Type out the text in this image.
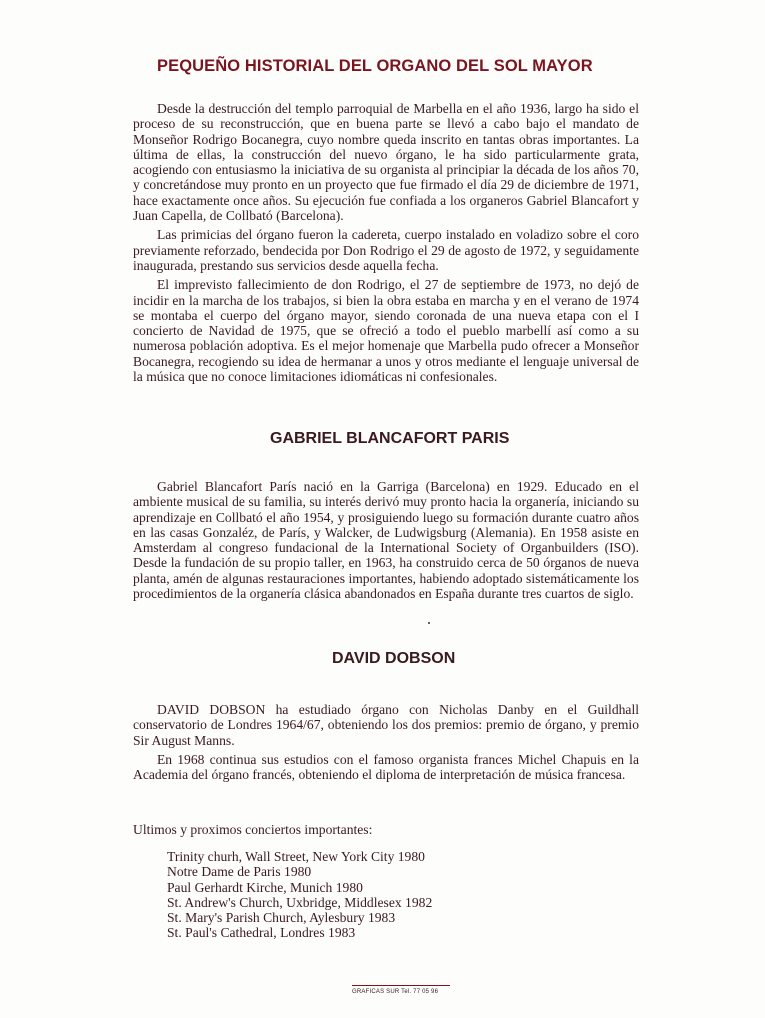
PEQUEÑO HISTORIAL DEL ORGANO DEL SOL MAYOR

Desde la destrucción del templo parroquial de Marbella en el año 1936, largo ha sido el proceso de su reconstrucción, que en buena parte se llevó a cabo bajo el mandato de Monseñor Rodrigo Bocanegra, cuyo nombre queda inscrito en tantas obras importantes. La última de ellas, la construcción del nuevo órgano, le ha sido particularmente grata, acogiendo con entusiasmo la iniciativa de su organista al principiar la década de los años 70, y concretándose muy pronto en un proyecto que fue firmado el día 29 de diciembre de 1971, hace exactamente once años. Su ejecución fue confiada a los organeros Gabriel Blancafort y Juan Capella, de Collbató (Barcelona).

Las primicias del órgano fueron la cadereta, cuerpo instalado en voladizo sobre el coro previamente reforzado, bendecida por Don Rodrigo el 29 de agosto de 1972, y seguidamente inaugurada, prestando sus servicios desde aquella fecha.

El imprevisto fallecimiento de don Rodrigo, el 27 de septiembre de 1973, no dejó de incidir en la marcha de los trabajos, si bien la obra estaba en marcha y en el verano de 1974 se montaba el cuerpo del órgano mayor, siendo coronada de una nueva etapa con el I concierto de Navidad de 1975, que se ofreció a todo el pueblo marbellí así como a su numerosa población adoptiva. Es el mejor homenaje que Marbella pudo ofrecer a Monseñor Bocanegra, recogiendo su idea de hermanar a unos y otros mediante el lenguaje universal de la música que no conoce limitaciones idiomáticas ni confesionales.

GABRIEL BLANCAFORT PARIS

Gabriel Blancafort París nació en la Garriga (Barcelona) en 1929. Educado en el ambiente musical de su familia, su interés derivó muy pronto hacia la organería, iniciando su aprendizaje en Collbató el año 1954, y prosiguiendo luego su formación durante cuatro años en las casas Gonzaléz, de París, y Walcker, de Ludwigsburg (Alemania). En 1958 asiste en Amsterdam al congreso fundacional de la International Society of Organbuilders (ISO). Desde la fundación de su propio taller, en 1963, ha construido cerca de 50 órganos de nueva planta, amén de algunas restauraciones importantes, habiendo adoptado sistemáticamente los procedimientos de la organería clásica abandonados en España durante tres cuartos de siglo.

DAVID DOBSON

DAVID DOBSON ha estudiado órgano con Nicholas Danby en el Guildhall conservatorio de Londres 1964/67, obteniendo los dos premios: premio de órgano, y premio Sir August Manns.

En 1968 continua sus estudios con el famoso organista frances Michel Chapuis en la Academia del órgano francés, obteniendo el diploma de interpretación de música francesa.

Ultimos y proximos conciertos importantes:

Trinity churh, Wall Street, New York City 1980
Notre Dame de Paris 1980
Paul Gerhardt Kirche, Munich 1980
St. Andrew's Church, Uxbridge, Middlesex 1982
St. Mary's Parish Church, Aylesbury 1983
St. Paul's Cathedral, Londres 1983
GRAFICAS SUR Tel. 77 05 96
